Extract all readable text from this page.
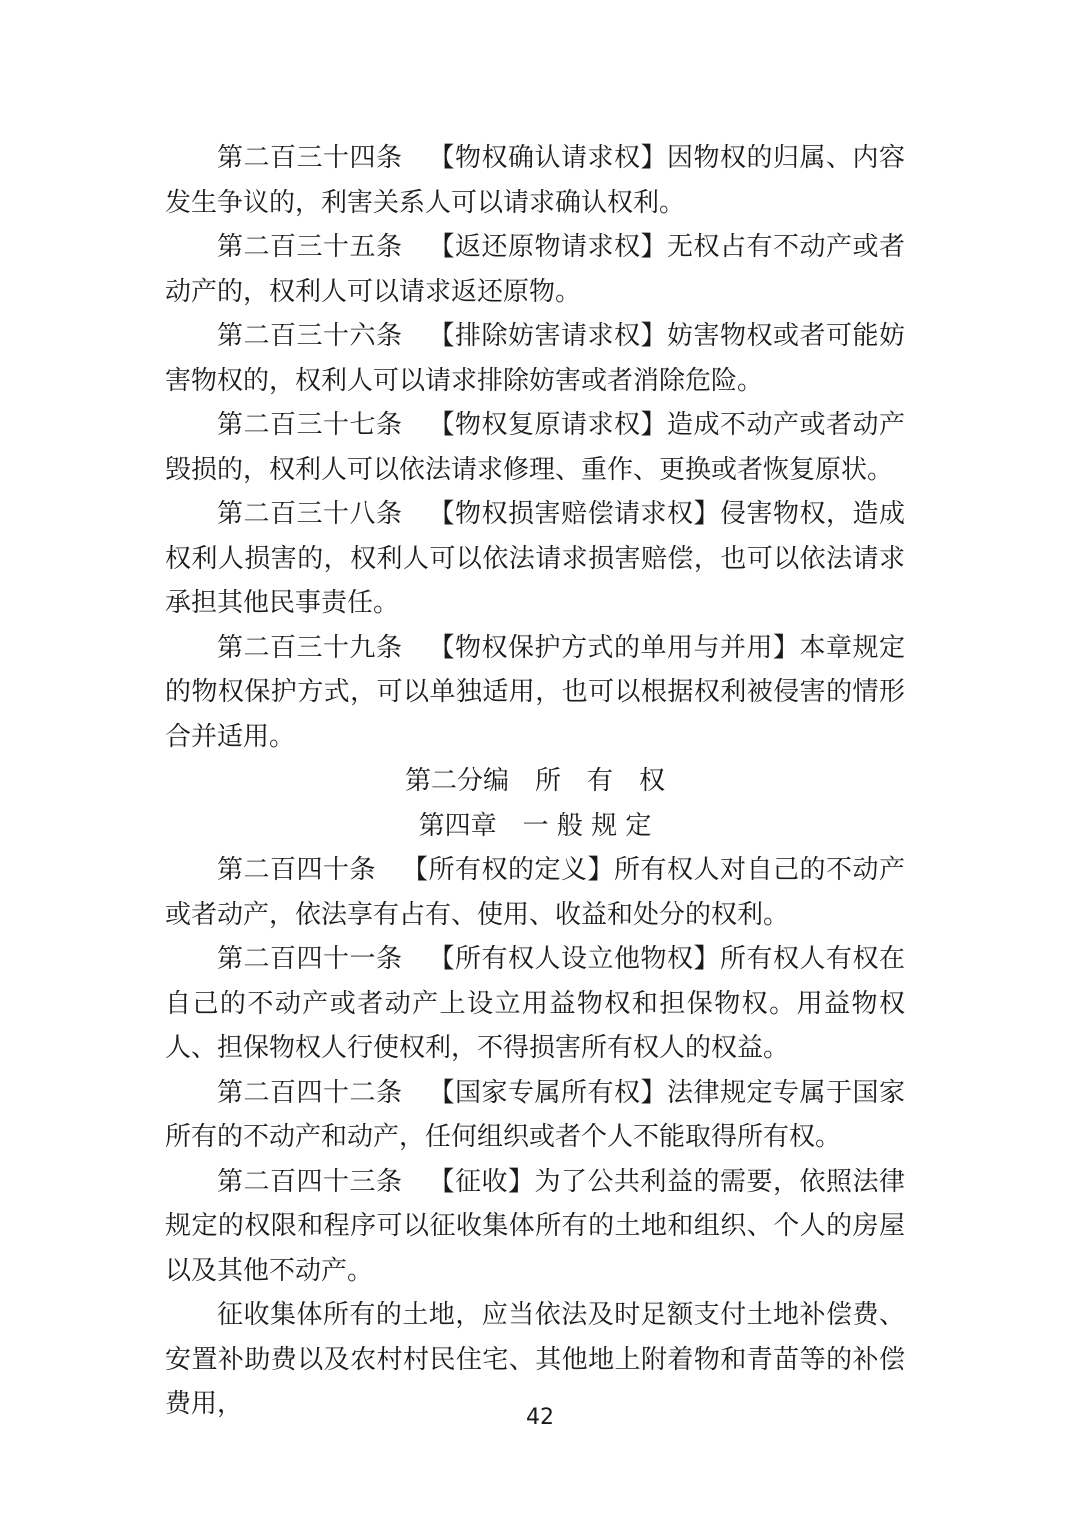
第二百三十四条 【物权确认请求权】因物权的归属、内容发生争议的，利害关系人可以请求确认权利。

第二百三十五条 【返还原物请求权】无权占有不动产或者动产的，权利人可以请求返还原物。

第二百三十六条 【排除妨害请求权】妨害物权或者可能妨害物权的，权利人可以请求排除妨害或者消除危险。

第二百三十七条 【物权复原请求权】造成不动产或者动产毁损的，权利人可以依法请求修理、重作、更换或者恢复原状。

第二百三十八条 【物权损害赔偿请求权】侵害物权，造成权利人损害的，权利人可以依法请求损害赔偿，也可以依法请求承担其他民事责任。

第二百三十九条 【物权保护方式的单用与并用】本章规定的物权保护方式，可以单独适用，也可以根据权利被侵害的情形合并适用。

第二分编　所　有　权

第四章　一 般 规 定

第二百四十条 【所有权的定义】所有权人对自己的不动产或者动产，依法享有占有、使用、收益和处分的权利。

第二百四十一条 【所有权人设立他物权】所有权人有权在自己的不动产或者动产上设立用益物权和担保物权。用益物权人、担保物权人行使权利，不得损害所有权人的权益。

第二百四十二条 【国家专属所有权】法律规定专属于国家所有的不动产和动产，任何组织或者个人不能取得所有权。

第二百四十三条 【征收】为了公共利益的需要，依照法律规定的权限和程序可以征收集体所有的土地和组织、个人的房屋以及其他不动产。

征收集体所有的土地，应当依法及时足额支付土地补偿费、安置补助费以及农村村民住宅、其他地上附着物和青苗等的补偿费用，	42
